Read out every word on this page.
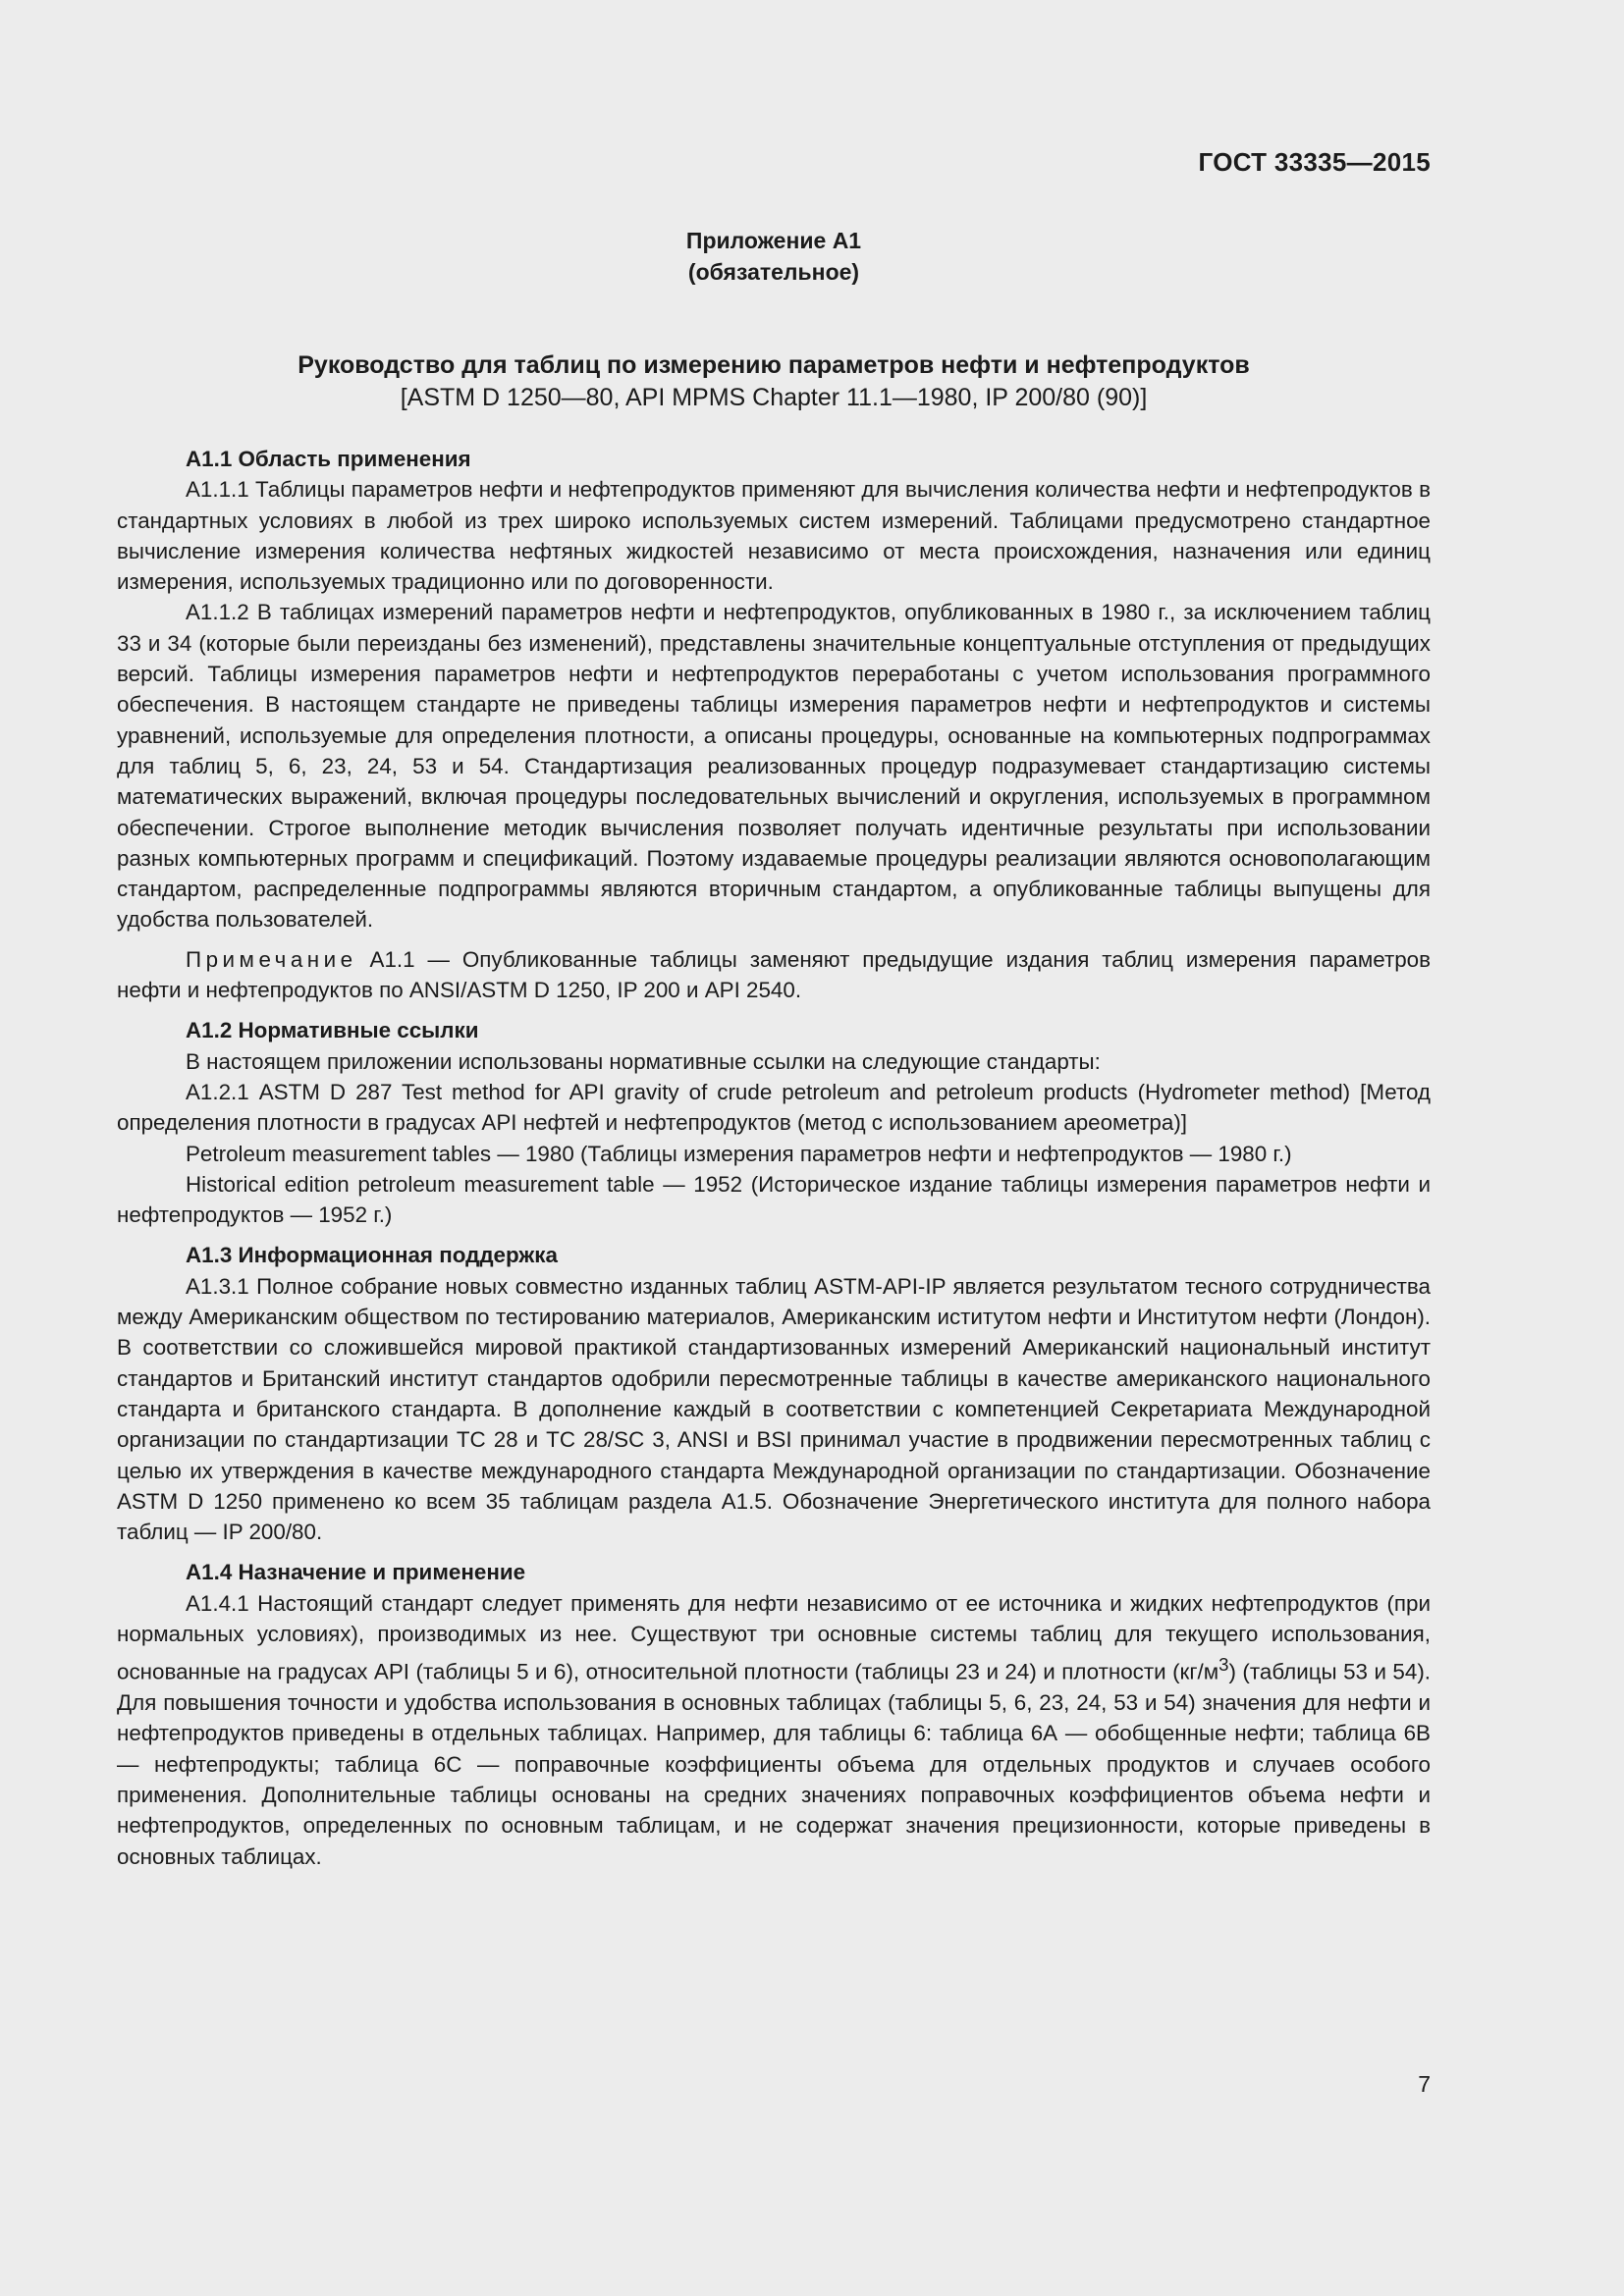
ГОСТ 33335—2015
Приложение А1
(обязательное)
Руководство для таблиц по измерению параметров нефти и нефтепродуктов
[ASTM D 1250—80, API MPMS Chapter 11.1—1980, IP 200/80 (90)]
А1.1 Область применения

А1.1.1 Таблицы параметров нефти и нефтепродуктов применяют для вычисления количества нефти и нефтепродуктов в стандартных условиях в любой из трех широко используемых систем измерений. Таблицами предусмотрено стандартное вычисление измерения количества нефтяных жидкостей независимо от места происхождения, назначения или единиц измерения, используемых традиционно или по договоренности.

А1.1.2 В таблицах измерений параметров нефти и нефтепродуктов, опубликованных в 1980 г., за исключением таблиц 33 и 34 (которые были переизданы без изменений), представлены значительные концептуальные отступления от предыдущих версий. Таблицы измерения параметров нефти и нефтепродуктов переработаны с учетом использования программного обеспечения. В настоящем стандарте не приведены таблицы измерения параметров нефти и нефтепродуктов и системы уравнений, используемые для определения плотности, а описаны процедуры, основанные на компьютерных подпрограммах для таблиц 5, 6, 23, 24, 53 и 54. Стандартизация реализованных процедур подразумевает стандартизацию системы математических выражений, включая процедуры последовательных вычислений и округления, используемых в программном обеспечении. Строгое выполнение методик вычисления позволяет получать идентичные результаты при использовании разных компьютерных программ и спецификаций. Поэтому издаваемые процедуры реализации являются основополагающим стандартом, распределенные подпрограммы являются вторичным стандартом, а опубликованные таблицы выпущены для удобства пользователей.

Примечание А1.1 — Опубликованные таблицы заменяют предыдущие издания таблиц измерения параметров нефти и нефтепродуктов по ANSI/ASTM D 1250, IP 200 и API 2540.

А1.2 Нормативные ссылки

В настоящем приложении использованы нормативные ссылки на следующие стандарты:

А1.2.1 ASTM D 287 Test method for API gravity of crude petroleum and petroleum products (Hydrometer method) [Метод определения плотности в градусах API нефтей и нефтепродуктов (метод с использованием ареометра)]

Petroleum measurement tables — 1980 (Таблицы измерения параметров нефти и нефтепродуктов — 1980 г.)

Historical edition petroleum measurement table — 1952 (Историческое издание таблицы измерения параметров нефти и нефтепродуктов — 1952 г.)

А1.3 Информационная поддержка

А1.3.1 Полное собрание новых совместно изданных таблиц ASTM-API-IP является результатом тесного сотрудничества между Американским обществом по тестированию материалов, Американским иститутом нефти и Институтом нефти (Лондон). В соответствии со сложившейся мировой практикой стандартизованных измерений Американский национальный институт стандартов и Британский институт стандартов одобрили пересмотренные таблицы в качестве американского национального стандарта и британского стандарта. В дополнение каждый в соответствии с компетенцией Секретариата Международной организации по стандартизации ТС 28 и ТС 28/SC 3, ANSI и BSI принимал участие в продвижении пересмотренных таблиц с целью их утверждения в качестве международного стандарта Международной организации по стандартизации. Обозначение ASTM D 1250 применено ко всем 35 таблицам раздела А1.5. Обозначение Энергетического института для полного набора таблиц — IP 200/80.

А1.4 Назначение и применение

А1.4.1 Настоящий стандарт следует применять для нефти независимо от ее источника и жидких нефтепродуктов (при нормальных условиях), производимых из нее. Существуют три основные системы таблиц для текущего использования, основанные на градусах API (таблицы 5 и 6), относительной плотности (таблицы 23 и 24) и плотности $(кг/м^3)$ (таблицы 53 и 54). Для повышения точности и удобства использования в основных таблицах (таблицы 5, 6, 23, 24, 53 и 54) значения для нефти и нефтепродуктов приведены в отдельных таблицах. Например, для таблицы 6: таблица 6А — обобщенные нефти; таблица 6В — нефтепродукты; таблица 6С — поправочные коэффициенты объема для отдельных продуктов и случаев особого применения. Дополнительные таблицы основаны на средних значениях поправочных коэффициентов объема нефти и нефтепродуктов, определенных по основным таблицам, и не содержат значения прецизионности, которые приведены в основных таблицах.

7
